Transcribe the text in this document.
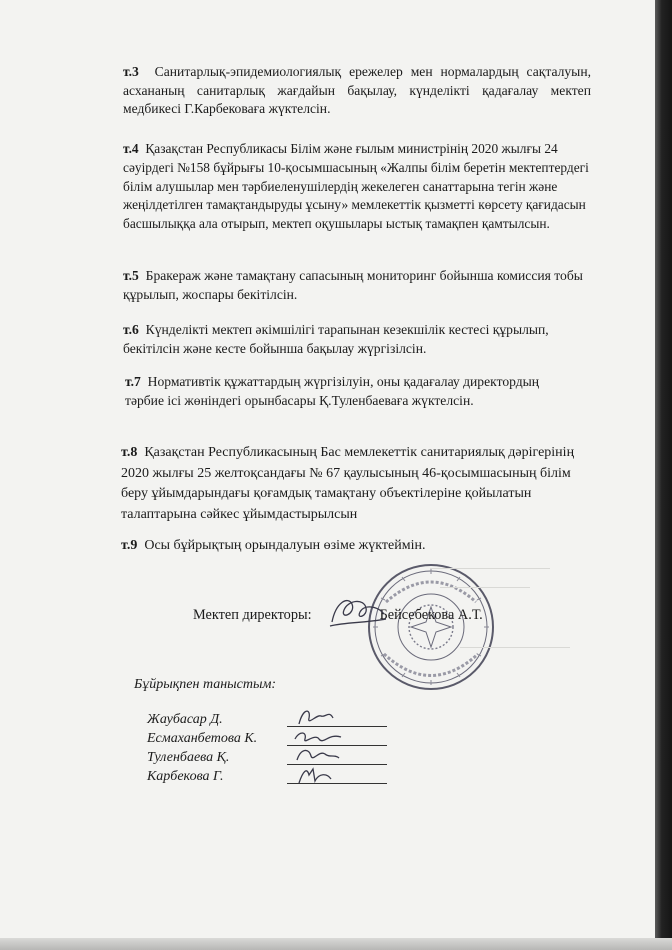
т.3 Санитарлық-эпидемиологиялық ережелер мен нормалардың сақталуын, асхананың санитарлық жағдайын бақылау, күнделікті қадағалау мектеп медбикесі Г.Карбековаға жүктелсін.

т.4 Қазақстан Республикасы Білім және ғылым министрінің 2020 жылғы 24 сәуірдегі №158 бұйрығы 10-қосымшасының «Жалпы білім беретін мектептердегі білім алушылар мен тәрбиеленушілердің жекелеген санаттарына тегін және жеңілдетілген тамақтандыруды ұсыну» мемлекеттік қызметті көрсету қағидасын басшылыққа ала отырып, мектеп оқушылары ыстық тамақпен қамтылсын.

т.5 Бракераж және тамақтану сапасының мониторинг бойынша комиссия тобы құрылып, жоспары бекітілсін.

т.6 Күнделікті мектеп әкімшілігі тарапынан кезекшілік кестесі құрылып, бекітілсін және кесте бойынша бақылау жүргізілсін.

т.7 Нормативтік құжаттардың жүргізілуін, оны қадағалау директордың тәрбие ісі жөніндегі орынбасары Қ.Туленбаеваға жүктелсін.

т.8 Қазақстан Республикасының Бас мемлекеттік санитариялық дәрігерінің 2020 жылғы 25 желтоқсандағы № 67 қаулысының 46-қосымшасының білім беру ұйымдарындағы қоғамдық тамақтану объектілеріне қойылатын талаптарына сәйкес ұйымдастырылсын

т.9 Осы бұйрықтың орындалуын өзіме жүктеймін.

Мектеп директоры:	Бейсебекова А.Т.
Бұйрықпен таныстым:
Жаубасар Д.
Есмаханбетова К.
Туленбаева Қ.
Карбекова Г.
